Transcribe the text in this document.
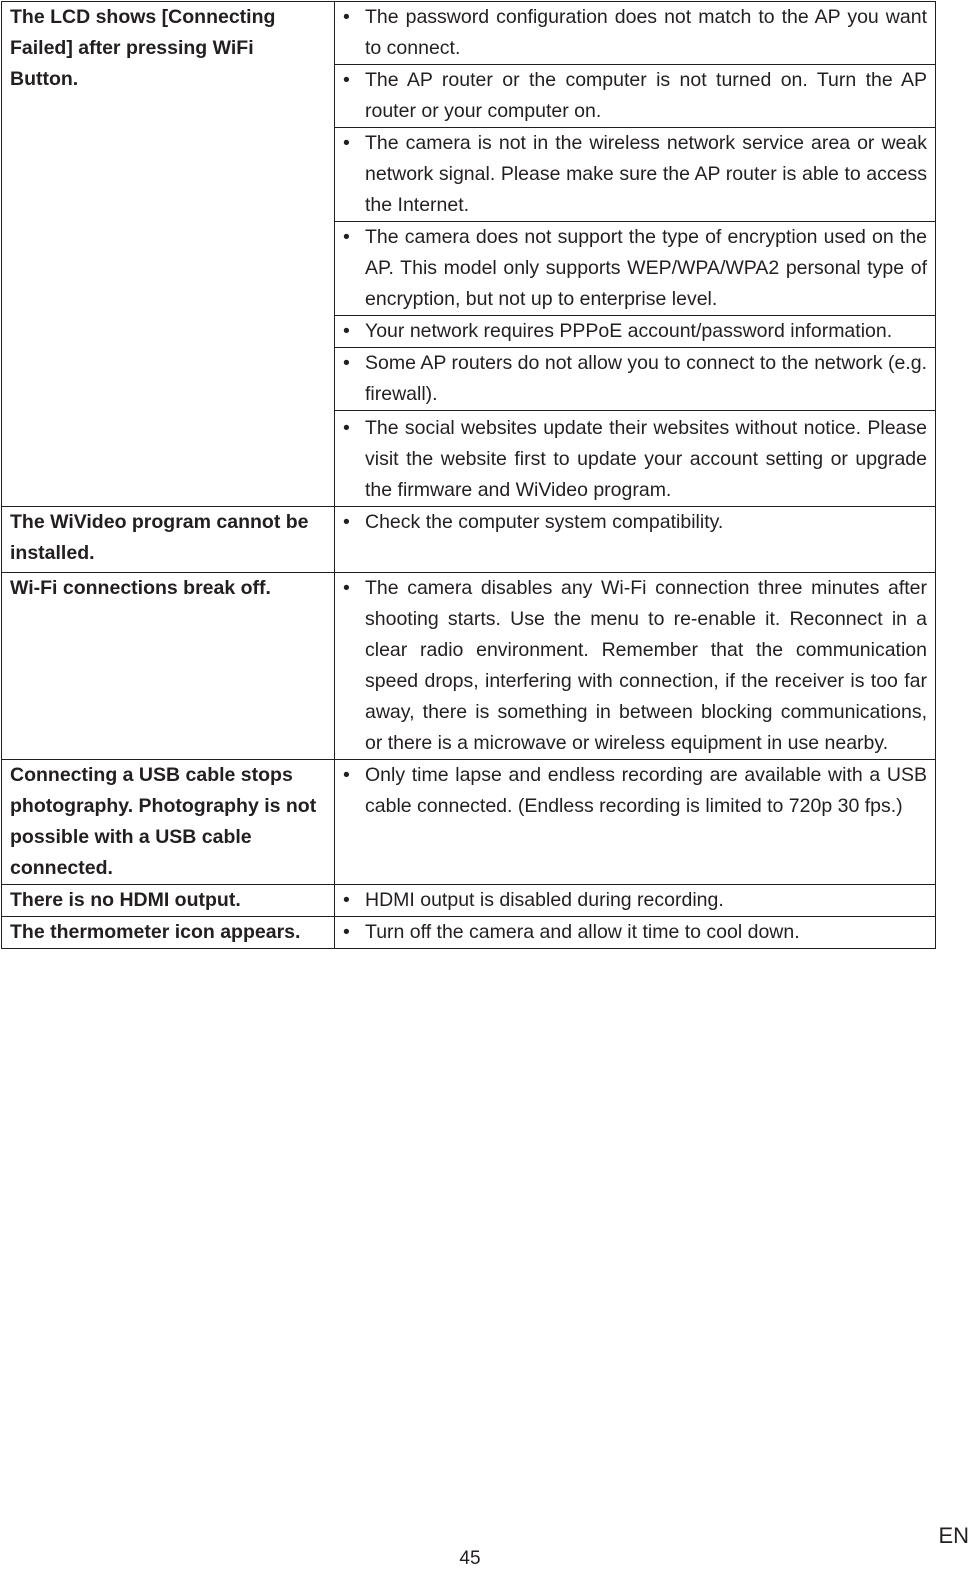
The LCD shows [Connecting Failed] after pressing WiFi Button.	• The password configuration does not match to the AP you want to connect.

	• The AP router or the computer is not turned on. Turn the AP router or your computer on.

	• The camera is not in the wireless network service area or weak network signal. Please make sure the AP router is able to access the Internet.

	• The camera does not support the type of encryption used on the AP. This model only supports WEP/WPA/WPA2 personal type of encryption, but not up to enterprise level.

	• Your network requires PPPoE account/password information.

	• Some AP routers do not allow you to connect to the network (e.g. firewall).

	• The social websites update their websites without notice. Please visit the website first to update your account setting or upgrade the firmware and WiVideo program.

The WiVideo program cannot be installed.	• Check the computer system compatibility.

Wi-Fi connections break off.	• The camera disables any Wi-Fi connection three minutes after shooting starts. Use the menu to re-enable it. Reconnect in a clear radio environment. Remember that the communication speed drops, interfering with connection, if the receiver is too far away, there is something in between blocking communications, or there is a microwave or wireless equipment in use nearby.

Connecting a USB cable stops photography. Photography is not possible with a USB cable connected.	• Only time lapse and endless recording are available with a USB cable connected. (Endless recording is limited to 720p 30 fps.)

There is no HDMI output.	• HDMI output is disabled during recording.

The thermometer icon appears.	• Turn off the camera and allow it time to cool down.
EN
45
